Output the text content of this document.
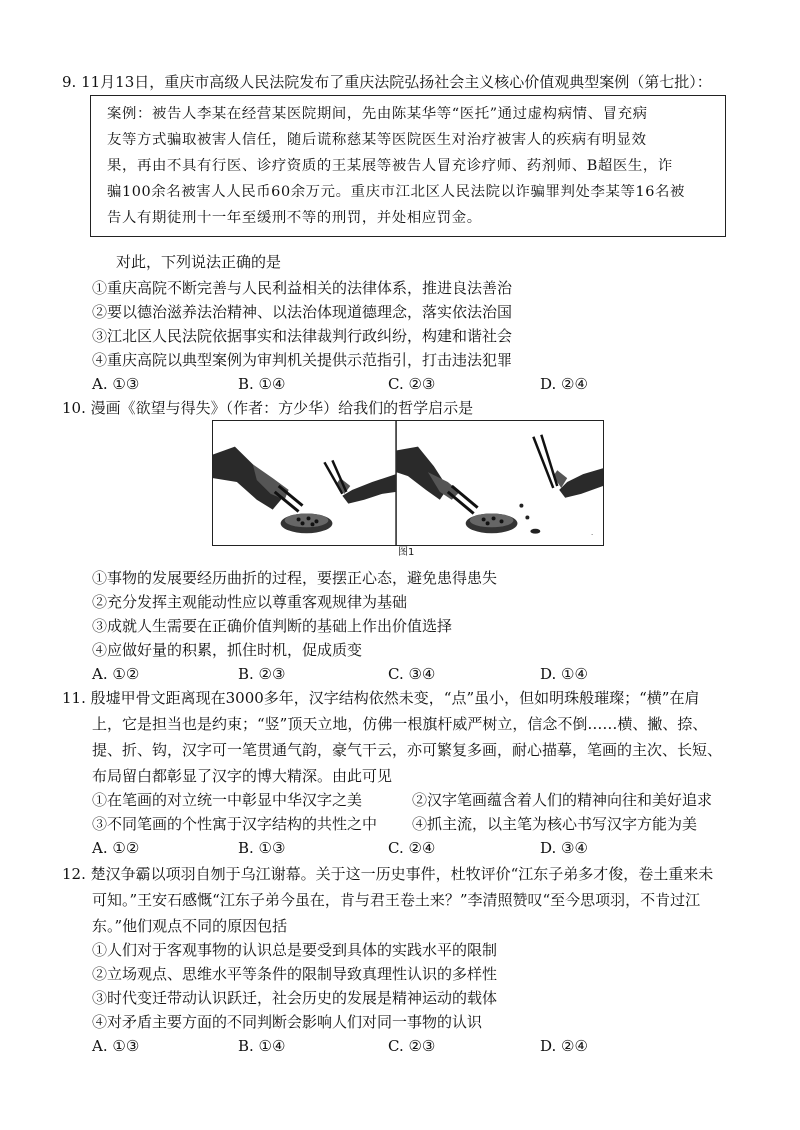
9. 11月13日，重庆市高级人民法院发布了重庆法院弘扬社会主义核心价值观典型案例（第七批）：
案例：被告人李某在经营某医院期间，先由陈某华等“医托”通过虚构病情、冒充病
友等方式骗取被害人信任，随后谎称慈某等医院医生对治疗被害人的疾病有明显效
果，再由不具有行医、诊疗资质的王某展等被告人冒充诊疗师、药剂师、B超医生，诈
骗100余名被害人人民币60余万元。重庆市江北区人民法院以诈骗罪判处李某等16名被
告人有期徒刑十一年至缓刑不等的刑罚，并处相应罚金。
对此，下列说法正确的是
①重庆高院不断完善与人民利益相关的法律体系，推进良法善治
②要以德治滋养法治精神、以法治体现道德理念，落实依法治国
③江北区人民法院依据事实和法律裁判行政纠纷，构建和谐社会
④重庆高院以典型案例为审判机关提供示范指引，打击违法犯罪
A. ①③	B. ①④	C. ②③	D. ②④
10. 漫画《欲望与得失》（作者：方少华）给我们的哲学启示是
·
图1
①事物的发展要经历曲折的过程，要摆正心态，避免患得患失
②充分发挥主观能动性应以尊重客观规律为基础
③成就人生需要在正确价值判断的基础上作出价值选择
④应做好量的积累，抓住时机，促成质变
A. ①②	B. ②③	C. ③④	D. ①④
11. 殷墟甲骨文距离现在3000多年，汉字结构依然未变，“点”虽小，但如明珠般璀璨；“横”在肩
上，它是担当也是约束；“竖”顶天立地，仿佛一根旗杆威严树立，信念不倒……横、撇、捺、
提、折、钩，汉字可一笔贯通气韵，豪气干云，亦可繁复多画，耐心描摹，笔画的主次、长短、
布局留白都彰显了汉字的博大精深。由此可见
①在笔画的对立统一中彰显中华汉字之美	②汉字笔画蕴含着人们的精神向往和美好追求
③不同笔画的个性寓于汉字结构的共性之中 ④抓主流，以主笔为核心书写汉字方能为美
A. ①②	B. ①③	C. ②④	D. ③④
12. 楚汉争霸以项羽自刎于乌江谢幕。关于这一历史事件，杜牧评价“江东子弟多才俊，卷土重来未
可知。”王安石感慨“江东子弟今虽在，肯与君王卷土来？”李清照赞叹“至今思项羽，不肯过江
东。”他们观点不同的原因包括
①人们对于客观事物的认识总是要受到具体的实践水平的限制
②立场观点、思维水平等条件的限制导致真理性认识的多样性
③时代变迁带动认识跃迁，社会历史的发展是精神运动的载体
④对矛盾主要方面的不同判断会影响人们对同一事物的认识
A. ①③	B. ①④	C. ②③	D. ②④
